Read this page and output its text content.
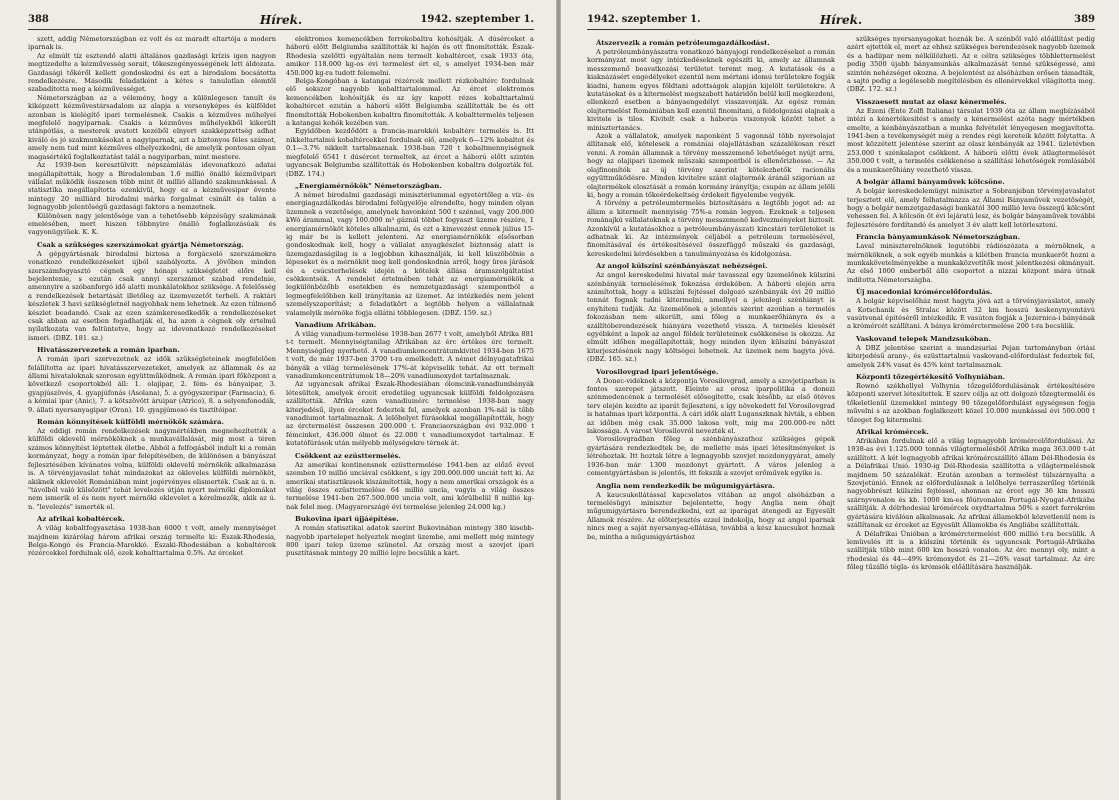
388	Hírek.	1942. szeptember 1.

szett, addig Németországban ez volt és ez maradt eltartója a modern iparnak is.

Az elmúlt tíz esztendő alatti általános gazdasági krízis igen nagyon megtizedelte a kézművesség sorait, tökeszegényességének lett áldozata. Gazdasági tőkéről kellett gondoskodni és ezt a birodalom bocsátotta rendelkezésre. Második feladatként a kétes s tanulatlan elemtől szabadította meg a kézművességet.

Németországban az a vélemény, hogy a különlegesen tanult és kiképzett kézművestársadalom az alapja a versenyképes és külföldet azonban is kielégítő ipari termelésnek. Csakis a kézműves műhelyei megfelelő nagyiparnak. Csakis a kézműves műhelyekből kikerült utánpótlás, a mesterek avatott kezéből elnyert szakképzettség adhat kiváló és jó szakmunkásokat a nagyiparnak, azt a biztonyos féles számot, amely nem tud mint kézműves elhelyezkedni, de amelyik pontosan olyan magasértékű foglalkoztatást talál a nagyiparban, mint mestere.

Az 1939-ben keresztülvitt népszámlálás idevonatkozó adatai megállapították, hogy a Birodalomban 1.6 millió önálló kézművipari vállalat működik összesen több mint öt millió állandó szakmunkással. A statisztika megállapította ezenkívül, hogy ez a kézművesipar évente mintegy 20 milliárd birodalmi márka forgalmat csinált és talán a legnagyobb jelentőségű gazdasági faktora a nemzetnek.

Különösen nagy jelentősége van a tehetősebb képzésügy szakmának emelésében, mert hiszen többnyire önálló foglalkozásúak és vagyonügyiüek. K. K.

Csak a szükséges szerszámokat gyártja Németország.

A gépgyártásnak birodalmi biztosa a forgácsoló szerszámokra vonatkozó rendelkezéseket újból szabályozta. A jövőben minden szerszámfogyasztó cégnek egy hónapi szükségletét előre kell bejelentenie, s ezután csak annyi szerszámot szabad rendelnie, amennyire a szóbanforgó idő alatti munkálatokhoz szüksége. A felelősség a rendelkezések betartását illetőleg az üzemvezetőt terheli. A raktári készletek 3 havi szükségletnél nagyobbak nem lehetnek. Az ezen túlmenő készlet beadandó. Csak az ezen számkeresedkedők a rendelkezéseket csak abban az esetben fogadhatják el, ha azon a cégnek oly értelmű nyilatkozata van feltüntetve, hogy az idevonatkozó rendelkezéseket ismeri. (DBZ. 181. sz.)

Hivatásszervezetek a román iparban.

A román ipari szervezetnek az idők szükségleteinek megfelelően felállította az ipari hivatásszervezeteket, amelyek az államnak és az állami hivataloknak szorosan együttműködnek. A román ipari főközpont a következő csoportokból áll: 1. olajipar, 2. fém- és bányaipar, 3. gyapjúszövés, 4. gyapjúfonás (Asolana), 5. a gyógyszeripar (Farmacia), 6. a kémiai ipar (Anic), 7. a kötszövött áruipar (Atrico), 8. a selyemfonodák, 9. állati nyersanyagipar (Oran). 10. gyapjúmosó és tisztítóipar.

Román könnyítések külföldi mérnökök számára.

Az eddigi román rendelkezések nagymértékben megnehezítették a külföldi oklevelű mérnököknek a munkavállalását, mig most a téren számos könnyítést léptettek életbe. Abból a felfogásból indult ki a román kormányzat, hogy a román ipar felépítésében, de különösen a bányászat fejlesztésében kívánatos volna, külföldi oklevelű mérnökök alkalmazása is. A törvényjavaslat tehát mindazokat az okleveles külföldi mérnököt, akiknek oklevelét Romániában mint jogérvényes elismerték. Csak az ú. n. "távolból való külsőzött" tehát levelezés útján nyert mérnöki diplomákat nem ismerik el és nem nyert mérnöki oklevelet a kérelmezők, akik az ú. n. "levelezés" ismerték el.

Az afrikai kobaltércek.

A világ kobaltfogyasztása 1938-ban 6000 t volt, amely mennyiséget majdnem kizárólag három afrikai ország termelte ki: Észak-Rhodesia, Belga-Kongó és Francia-Marokkó. Északi-Rhodesiában a kobaltércek rézércekkel fordulnak elő, ezek kobalttartalma 0.5%. Az érceket

elektromos kemencékben ferrokobaltra kohósítják. A dúsérceket a háború előtt Belgiumba szállították ki hajón és ott finomították. Észak-Rhodesia szelőtti egyáltalán nem termelt kobaltércet, csak 1933 óta, amikor 118.000 kg-os évi termelést ért el, s amelyet 1934-ben már 450.000 kg-ra tudott felemelni.

Belga-Kongóban a katangai rézércek mellett rézkobaltérc fordulnak elő sokszor nagyobb kobalttartalommal. Az ércet elektromos kemencékben kohósítják és az így kapott rézes kobalttartalmú kobaltércet ezután a háború előtt Belgiumba szállították be és ott finomították Hobokenben kobaltra finomították. A kobalttermelés teljesen a katangai kohók kezében van.

Egyidőben kezdődött a francia-marokkói kobaltérc termelés is. Itt nikkeltartalmú kobaltércekkel fordulnak elő, amelyek 6—12% kobaltot és 0.1—3.7% nikkelt tartalmaznak. 1938-ban 720 t kobaltmennyiségnek megfelelő 6541 t dúsércet termeltek, az ércet a háború előtt szintén ugyancsak Belgiumba szállították és Hobokenben kobaltra dolgozták fel. (DBZ. 174.)

„Energiamérnökök" Németországban.

A német birodalmi gazdasági minisztériummal egyetértőleg a víz- és energiagazdálkodás birodalmi felügyelője elrendelte, hogy minden olyan üzemnek a vezetősége, amelynek havonként 500 t szénnel, vagy 200.000 kWó árammal, vagy 100.000 m³ gáznál többet fogyaszt üzeme részére, 1 energiamérnököt köteles alkalmazni, és ezt a kinevezést ennek július 15-ig már be is kellett jelenteni. Az energiamérnökök elsősorban gondoskodnak kell, hogy a vállalat anyagkészlet biztonság alatt is üzemgazdaságilag is a legjobban kihasználják, ki kell küszöbölnie a lépeseket és a mérnököt meg kell gondoskodnia arról, hogy üres járások és a csúcsterhelések idején a kötelek állása áramszolgáltatást csökkentsék. A rendelet értelmében tehát az energiamérnökök a legkülönbözőbb esetekben és nemzetgazdasági szempontból a legmegfelelőbben kell irányítania az üzemet. Az intézkedés nem jelent személyszaporítást; a feladatkört a legtöbb helyen a vállalatnak valamelyik mérnöke fogja ellátni többlegesen. (DBZ. 159. sz.)

Vanadium Afrikában.

A világ vanadium-termelése 1938-ban 2677 t volt, amelyből Afrika 881 t-t termelt. Mennyiségtanilag Afrikában az érc értékes érc termelt. Mennyiségileg nyerhető. A vanadiumkoncentrátumkivitel 1934-ben 1675 t volt, de már 1937-ben 3700 t-ra emelkedett. A német délnyugatafrikai bányák a világ termelésének 17%-át képviselik tehát. Az ott termelt vanadiumkoncentrátumok 18—20% vanadiumoxydot tartalmaznak.

Az ugyancsak afrikai Észak-Rhodesiában ólomcink-vanadiumbányák létesültek, amelyek érceit eredetileg ugyancsak külföldi feldolgozásra szállították. Afrika ezen vanadiumérc termelése 1938-ban nagy kiterjedésű, ilyen érceket fedeztek fel, amelyek azonban 1%-nál is több vanadiumot tartalmaznak. A lelőhelyet fúrásokkal megállapították, hogy az érctermelést összesen 200.000 t. Franciaországban évi 932.000 t fémcinket, 436.000 ólmot és 22.000 t vanadiumoxydot tartalmaz. E kutatófúrások után mélyebb mélységekre térnek át.

Csökkent az ezüsttermelés.

Az amerikai kontinensnek ezüsttermelése 1941-ben az előző évvel szemben 10 millió unciával csökkent, s így 200.000.000 unciát tett ki. Az amerikai statisztikusok kiszámították, hogy a nem amerikai országok és a világ összes ezüsttermelése 64 millió uncia, vagyis a világ összes termelése 1941-ben 267.500.000 uncia volt, ami körülbelül 8 millió kg-nak felel meg. (Magyarországé évi termelése jelenleg 24.000 kg.)

Bukovina ipari újjáépítése.

A román statisztikai adatok szerint Bukovinában mintegy 380 kisebb-nagyobb ipartelepet helyeztek megint üzembe, ami mellett még mintegy 800 ipari telep üzeme szünetel. Az ország most a szovjet ipari pusztításnak mintegy 20 millió lejre becsülik a kárt.

1942. szeptember 1.	Hírek.	389
Átszervezik a román petróleumgazdálkodást.

A petróleumbányászatra vonatkozó bányajogi rendelkezéseket a román kormányzat most úgy intézkedéseknek egészíti ki, amely az államnak messzemenő beavatkozási területet teremt meg. A kutatások és a kiaknázásért engedélyeket ezentúl nem mértani idomú területekre fogják kiadni, hanem egyes földtani adottságok alapján kijelölt területekre. A kutatásokat és a kitermelést megszabott határidőn belül kell megkezdeni, ellenkező esetben a bányaengedélyt visszavonják. Az egész román olajtermelést Romániában kell ezentúl finomítani, a feldolgozási olajnak a kivitele is tilos. Kivitelt csak a háborús viszonyok között tehet a minisztertanács.

Azok a vállalatok, amelyek naponként 5 vagonnál több nyersolajat állítanak elő, kötelesek a romániai olajellátásban százalékosan részt venni. A román államnak a törvény messzemenő lehetőséget nyújt arra, hogy az olajipari üzemek műszaki szempontból is ellenőrizhesse. — Az olajfinomítók az új törvény szerint kötelezhetők racionális együttműködésre. Minden kivitelre szánt olajtermék áránál szigorúan az olajtermékek elosztását a román kormány irányítja; csupán az állam jelöli ki, hogy a román tőkeérdekeltség érdekeit figyelembe vegyék.

A törvény a petróleumtermelés biztosítására a legtöbb jogot ad: az állam a kitermelt mennyiség 75%-a román legyen. Ezeknek a teljesen románajkú vállalatoknak a törvény messzemenő kedvezményeket biztosít. Azonkívül a kutatásokhoz a petróleumbányászati kincstári területeket is adhatnak ki. Az intézmények céljából a petróleum termelésével, finomításával és értékesítésével összefüggő műszaki és gazdasági, kereskedelmi kérdésekben a tanulmányozása és kidolgozása.

Az angol külszíni szénbányászat nehézségei.

Az angol kereskedelmi hivatal már tavasszal egy üzemelőnek külszíni szénbányák termelésének fokozása érdekében. A háború elején arra számítottak, hogy a külszíni fejtéssel dolgozó szénbányák évi 20 millió tonnát fognak tudni kitermelni, amellyel a jelenlegi szénhiányt is enyhíteni tudják. Az üzemelőnek a jelentés szerint azonban a termelés fokozásban nem sikerült, ami főleg a munkaerőhiányra és a szállítóberendezések hiányára vezethető vissza. A termelés kiesését egyébként a lapok az angol földek területeinek csökkenése is okozza. Az elmúlt időben megállapították, hogy minden ilyen külszíni bányászat kiterjesztésének nagy költségei lehetnek. Az üzemek nem hagyta jóvá. (DBZ. 165. sz.)

Vorosilovgrad ipari jelentősége.

A Donec-vidéknek a központja Vorosilovgrad, amely a szovjetiparban is fontos szerepet játszott. Eleinte az orosz iparpolitika a donezi szénmedencének a termelését elősegítette, csak később, az első ötéves terv elején kezdte az iparát fejleszteni, s így növekedett fel Vorosilovgrad is hatalmas ipari központtá. A cári idők alatt Luganszknak hívták, s ebben az időben még csak 35.000 lakosa volt, míg ma 200.000-re nőtt lakossága. A várost Vorosilovról nevezték el.

Vorosilovgradban főleg a szénbányászathoz szükséges gépek gyártására rendezkedtek be, de mellette más ipari létesítményeket is létrehoztak. Itt hoztak létre a legnagyobb szovjet mozdonygyárat, amely 1936-ban már 1300 mozdonyt gyártott. A város jelenleg a cementgyártásban is jelentős, itt fekszik a szovjet erőművek egyike is.

Anglia nem rendezkedik be műgumigyártásra.

A kaucsukellátással kapcsolatos vitában az angol alsóházban a termelésügyi miniszter bejelentette, hogy Anglia nem óhajt műgumigyártásra berendezkedni, ezt az iparágat átengedi az Egyesült Államok részére. Az előterjesztés ezzel indokolja, hogy az angol iparnak nincs meg a saját nyersanyag-ellátása, továbbá a kész kaucsukot hoznak be, mintha a műgumigyártáshoz

szükséges nyersanyagokat hoznák be. A szénből való előállítást pedig azért ejtették el, mert az ehhez szükséges berendezések nagyobb üzemek és a hadiipar nem nélkülözheti. Az e célra szükséges többlettermelést pedig 3500 újabb bányamunkás alkalmazását tenné szükségessé, ami szintén nehézséget okozna. A bejelentést az alsóházban erősen támadták, a sajtó pedig a legélesebb megítélésben és ellenérvekkel világította meg. (DBZ. 172. sz.)

Visszaesett mutat az olasz kénermelés.

Az Ezeni (Ente Zolfi Italiana) társulat 1939 óta az állam megbízásából intézi a kénértékesítést s amely a kénermelést azóta nagy mértékben emelte, a kénbányászatban a munka felvételét lényegesen megjavította. 1941-ben a tevékenységét még a rendes régi kereteik között folytatta. A most közzétett jelentése szerint az olasz kénbányák az 1941. üzletévben 253.000 t szénkalapot csökkent. A háború előtti évek átlagtermelését 350.000 t volt, a termelés csökkenése a szállítási lehetőségek romlásából és a munkaerőhiány vezethető vissza.

A bolgár állami bányaművek kölcsöne.

A bolgár kereskedelemügyi miniszter a Sobranjeban törvényjavaslatot terjesztett elő, amely felhatalmazza az Állami Bányaművek vezetőségét, hogy a bolgár nemzetgazdasági bankától 300 millió leva összegű kölcsönt vehessen fel. A kölcsön öt évi lejáratú lesz, és bolgár bányaművek további fejlesztésére fordítandó és amelyet 3 év alatt kell letörleszteni.

Francia bányamunkások Németországban.

Laval miniszterelnöknek legutóbbi rádiószózata a mérnöknek, a mérnököknek, a sok egyéb munkás a kilétben francia munkaerőt hozni a munkakövetelményekbe a munkaközvetítők most jelentkezési okmányait. Az első 1000 emberből álló csoportot a nizzai központ mára útnak indította Németországba.

Új macedoniai krómércelőfordulás.

A bolgár képviselőház most hagyta jóvá azt a törvényjavaslatot, amely a Kotschanik és Stralac között 32 km hosszú keskenynyomtávú vasútvonal építéséről intézkedik. E vasúton fogják a Jezernica-i bányának a krómércét szállítani. A bánya krómérctermelése 200 t-ra becsülik.

Vaskovand telepek Mandzsukóban.

A DBZ jelentése szerint a mandzsuriai Pejan tartományban óriási kiterjedésű arany-, és ezüsttartalmú vaskovand-előfordulást fedeztek fel, amelyek 24% vasat és 45% ként tartalmaznak.

Központi tőzegértékesítő Volhyniában.

Rownó székhellyel Volhynia tőzegelőfordulásának értékesítésére központi szervet létesítettek. E szerv célja az ott dolgozó tőzegtermelői és tőkeletlenül üzemekkel mintegy 90 tőzegelőfordulást egységesen fogja művelni s az azokban foglalkozott közel 10.000 munkással évi 500.000 t tőzeget fog kitermelni.

Afrikai krómércek.

Afrikában fordulnak elő a világ legnagyobb krómércelőfordulásai. Az 1938-as évi 1.125.000 tonnás világtermelésből Afrika maga 363.000 t-át szállított. A két legnagyobb afrikai krómércszállító állam Dél-Rhodesia és a Délafrikai Unió. 1930-ig Dél-Rhodesia szállította a világtermelésnek majdnem 50 százalékát. Ezután azonban a termelést túlszárnyalta a Szovjetúnió. Ennek az előfordulásnak a lelőhelye terraszerűleg történik nagyobbrészt külszíni fejtéssel, ahonnan az ércet egy 36 km hosszú szárnyvonalon és kb. 1000 km-es főútvonalon Portugál-Nyugat-Afrikába szállítják. A délrhodesiai krómércek oxydtartalma 50% s ezért ferrokróm gyártására kiválóan alkalmasak. Az afrikai államokból közvetlenül nem is szállítanak ez érceket az Egyesült Államokba és Angliába szállították.

A Délafrikai Únióban a krómérctermelést 600 millió t-ra becsülik. A lemüvelés itt is a külszíni történik és ugyancsak Portugál-Afrikába szállítják több mint 600 km hosszú vonalon. Az érc mennyi oly, mint a rhodesiai és 44—49% krómoxydot és 21—26% vasat tartalmaz. Az érc főleg tűzálló tégla- és krómsók előállítására használják.
